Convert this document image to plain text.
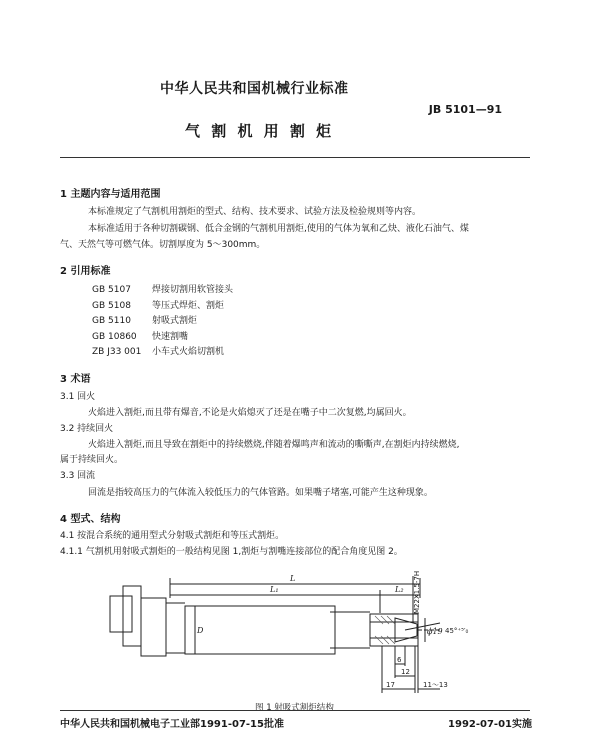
中华人民共和国机械行业标准
JB 5101—91
气 割 机 用 割 炬
1 主题内容与适用范围
本标准规定了气割机用割炬的型式、结构、技术要求、试验方法及检验规则等内容。
本标准适用于各种切割碳钢、低合金钢的气割机用割炬,使用的气体为氧和乙炔、液化石油气、煤
气、天然气等可燃气体。切割厚度为 5～300mm。
2 引用标准
GB 5107 焊接切割用软管接头
GB 5108 等压式焊炬、割炬
GB 5110 射吸式割炬
GB 10860 快速割嘴
ZB J33 001 小车式火焰切割机
3 术语
3.1 回火
火焰进入割炬,而且带有爆音,不论是火焰熄灭了还是在嘴子中二次复燃,均属回火。
3.2 持续回火
火焰进入割炬,而且导致在割炬中的持续燃烧,伴随着爆鸣声和流动的嘶嘶声,在割炬内持续燃烧,
属于持续回火。
3.3 回流
回流是指较高压力的气体流入较低压力的气体管路。如果嘴子堵塞,可能产生这种现象。
4 型式、结构
4.1 按混合系统的通用型式分射吸式割炬和等压式割炬。
4.1.1 气割机用射吸式割炬的一般结构见图 1,割炬与割嘴连接部位的配合角度见图 2。
L
L₁	L₂
D	ϕ19
M22X1.5-7H
45°⁺⁵′₀
6
12
17	11～13
图 1 射吸式割炬结构
中华人民共和国机械电子工业部1991-07-15批准	1992-07-01实施
